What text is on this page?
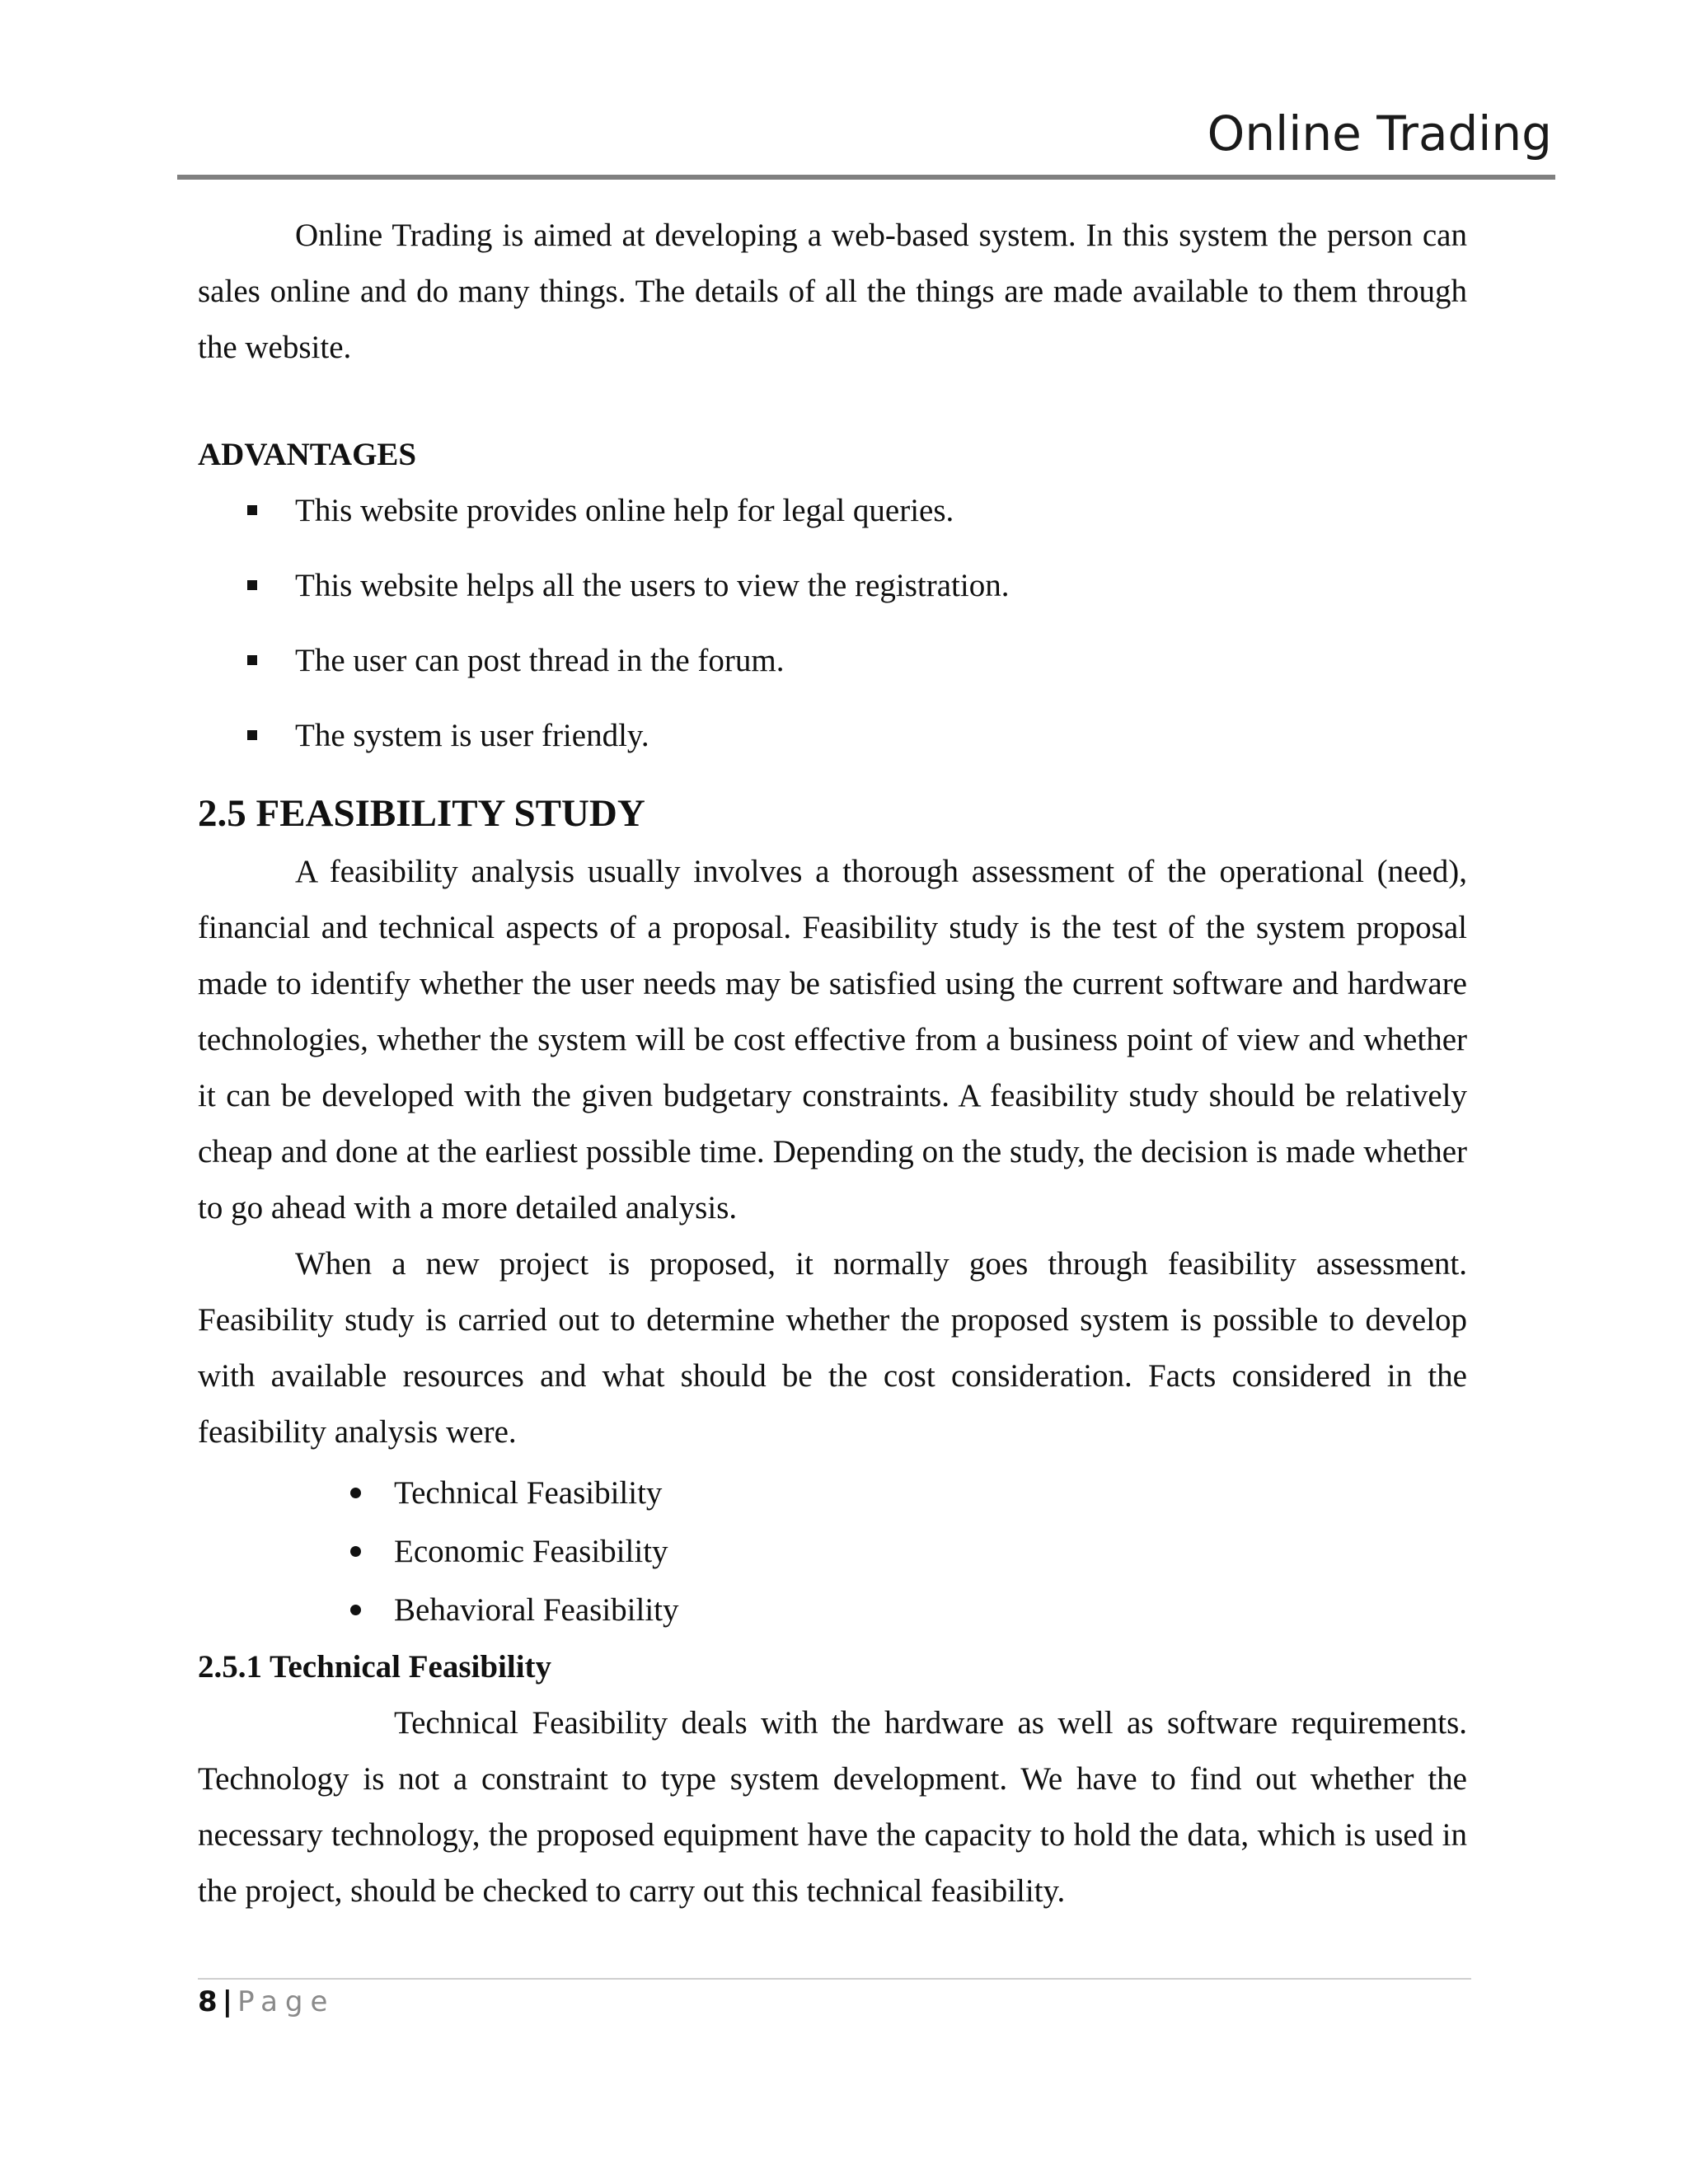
Online Trading

Online Trading is aimed at developing a web-based system. In this system the person can sales online and do many things. The details of all the things are made available to them through the website.

ADVANTAGES

This website provides online help for legal queries.
This website helps all the users to view the registration.
The user can post thread in the forum.
The system is user friendly.
2.5 FEASIBILITY STUDY

A feasibility analysis usually involves a thorough assessment of the operational (need), financial and technical aspects of a proposal. Feasibility study is the test of the system proposal made to identify whether the user needs may be satisfied using the current software and hardware technologies, whether the system will be cost effective from a business point of view and whether it can be developed with the given budgetary constraints. A feasibility study should be relatively cheap and done at the earliest possible time. Depending on the study, the decision is made whether to go ahead with a more detailed analysis.

When a new project is proposed, it normally goes through feasibility assessment. Feasibility study is carried out to determine whether the proposed system is possible to develop with available resources and what should be the cost consideration. Facts considered in the feasibility analysis were.

Technical Feasibility
Economic Feasibility
Behavioral Feasibility
2.5.1 Technical Feasibility

Technical Feasibility deals with the hardware as well as software requirements. Technology is not a constraint to type system development. We have to find out whether the necessary technology, the proposed equipment have the capacity to hold the data, which is used in the project, should be checked to carry out this technical feasibility.

8 | Page
